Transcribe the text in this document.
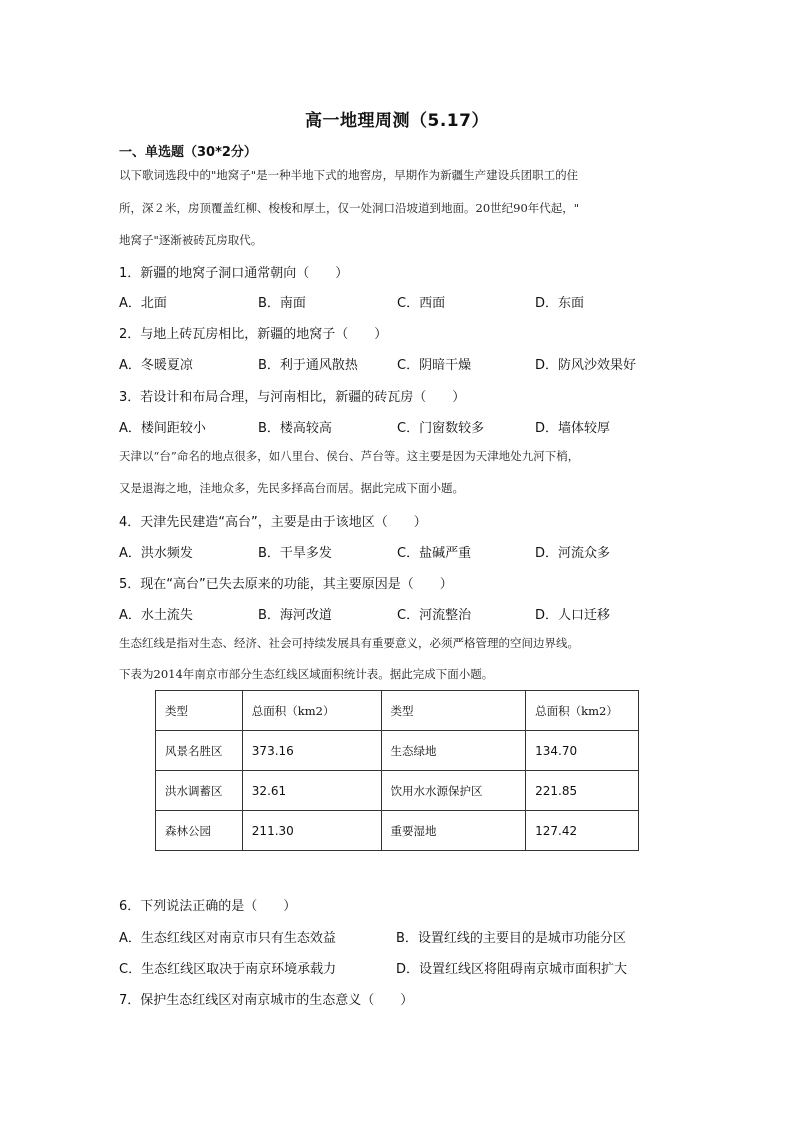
高一地理周测（5.17）
一、单选题（30*2分）
以下歌词选段中的"地窝子"是一种半地下式的地窖房，早期作为新疆生产建设兵团职工的住
所，深２米，房顶覆盖红柳、梭梭和厚土，仅一处洞口沿坡道到地面。20世纪90年代起，"
地窝子"逐渐被砖瓦房取代。
1．新疆的地窝子洞口通常朝向（　　）
A．北面	B．南面	C．西面	D．东面
2．与地上砖瓦房相比，新疆的地窝子（　　）
A．冬暖夏凉	B．利于通风散热	C．阴暗干燥	D．防风沙效果好
3．若设计和布局合理，与河南相比，新疆的砖瓦房（　　）
A．楼间距较小	B．楼高较高	C．门窗数较多	D．墙体较厚
天津以“台”命名的地点很多，如八里台、侯台、芦台等。这主要是因为天津地处九河下梢，
又是退海之地，洼地众多，先民多择高台而居。据此完成下面小题。
4．天津先民建造“高台”，主要是由于该地区（　　）
A．洪水频发	B．干旱多发	C．盐碱严重	D．河流众多
5．现在“高台”已失去原来的功能，其主要原因是（　　）
A．水土流失	B．海河改道	C．河流整治	D．人口迁移
生态红线是指对生态、经济、社会可持续发展具有重要意义，必须严格管理的空间边界线。
下表为2014年南京市部分生态红线区域面积统计表。据此完成下面小题。
类型	总面积（km2）	类型	总面积（km2）
风景名胜区	373.16	生态绿地	134.70
洪水调蓄区	32.61	饮用水水源保护区	221.85
森林公园	211.30	重要湿地	127.42
6．下列说法正确的是（　　）
A．生态红线区对南京市只有生态效益	B．设置红线的主要目的是城市功能分区
C．生态红线区取决于南京环境承载力	D．设置红线区将阻碍南京城市面积扩大
7．保护生态红线区对南京城市的生态意义（　　）
